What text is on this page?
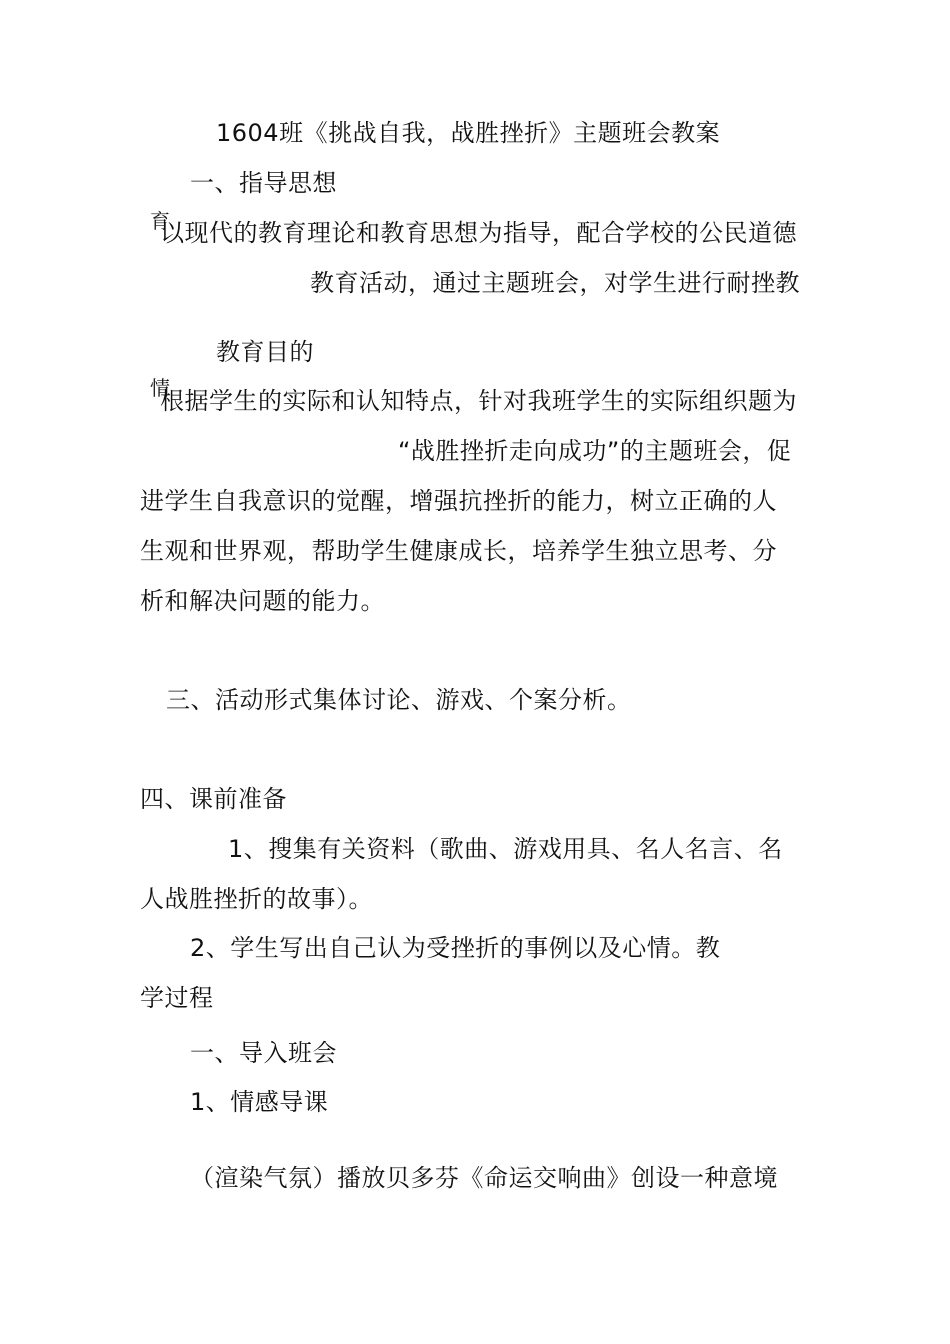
1604班《挑战自我，战胜挫折》主题班会教案
一、指导思想
育
以现代的教育理论和教育思想为指导，配合学校的公民道德
教育活动，通过主题班会，对学生进行耐挫教
教育目的
情
根据学生的实际和认知特点，针对我班学生的实际组织题为
“战胜挫折走向成功”的主题班会，促
进学生自我意识的觉醒，增强抗挫折的能力，树立正确的人
生观和世界观，帮助学生健康成长，培养学生独立思考、分
析和解决问题的能力。
三、活动形式集体讨论、游戏、个案分析。
四、课前准备
1、搜集有关资料（歌曲、游戏用具、名人名言、名
人战胜挫折的故事）。
2、学生写出自己认为受挫折的事例以及心情。教
学过程
一、导入班会
1、情感导课
（渲染气氛）播放贝多芬《命运交响曲》创设一种意境
